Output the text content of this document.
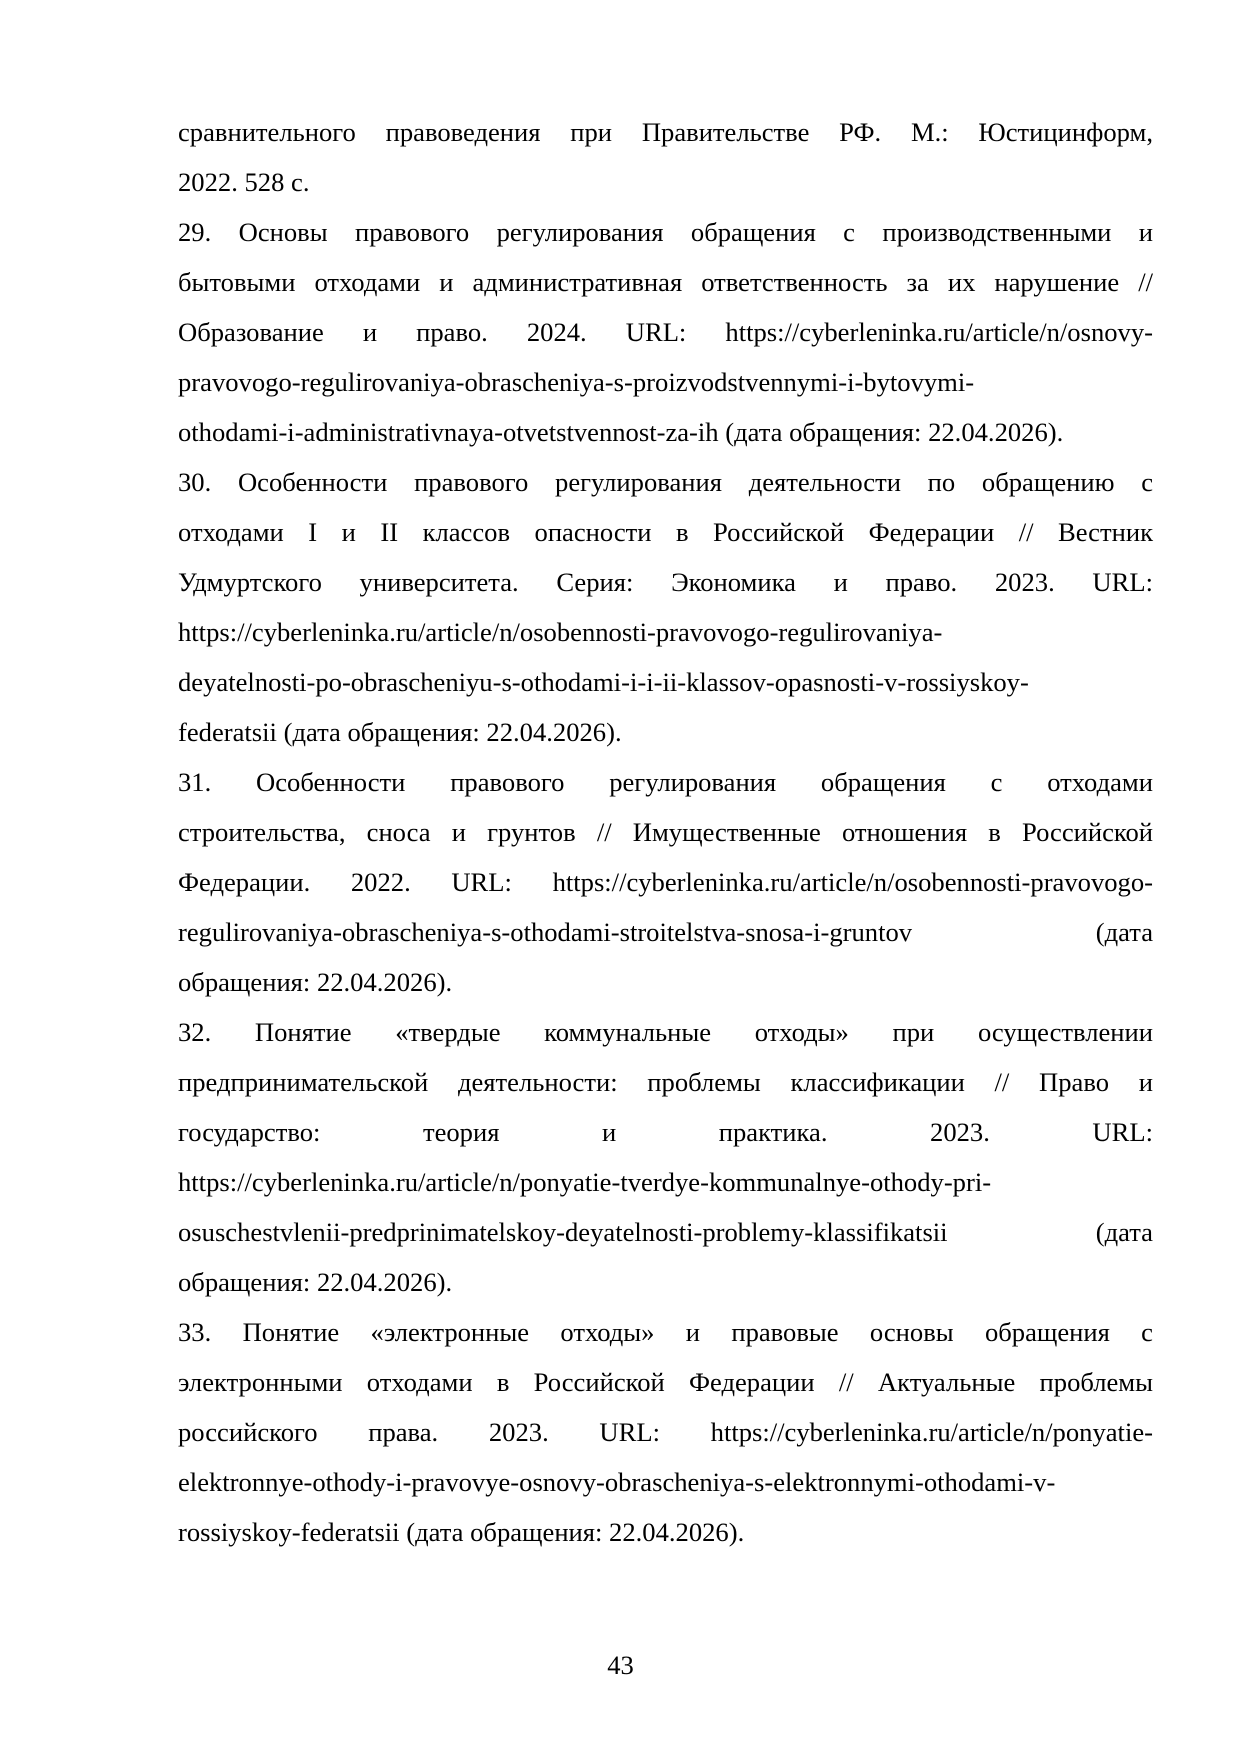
сравнительного правоведения при Правительстве РФ. М.: Юстицинформ,
2022. 528 с.
29. Основы правового регулирования обращения с производственными и
бытовыми отходами и административная ответственность за их нарушение //
Образование и право. 2024. URL: https://cyberleninka.ru/article/n/osnovy-
pravovogo-regulirovaniya-obrascheniya-s-proizvodstvennymi-i-bytovymi-
othodami-i-administrativnaya-otvetstvennost-za-ih (дата обращения: 22.04.2026).
30. Особенности правового регулирования деятельности по обращению с
отходами I и II классов опасности в Российской Федерации // Вестник
Удмуртского университета. Серия: Экономика и право. 2023. URL:
https://cyberleninka.ru/article/n/osobennosti-pravovogo-regulirovaniya-
deyatelnosti-po-obrascheniyu-s-othodami-i-i-ii-klassov-opasnosti-v-rossiyskoy-
federatsii (дата обращения: 22.04.2026).
31. Особенности правового регулирования обращения с отходами
строительства, сноса и грунтов // Имущественные отношения в Российской
Федерации. 2022. URL: https://cyberleninka.ru/article/n/osobennosti-pravovogo-
regulirovaniya-obrascheniya-s-othodami-stroitelstva-snosa-i-gruntov (дата
обращения: 22.04.2026).
32. Понятие «твердые коммунальные отходы» при осуществлении
предпринимательской деятельности: проблемы классификации // Право и
государство: теория и практика. 2023. URL:
https://cyberleninka.ru/article/n/ponyatie-tverdye-kommunalnye-othody-pri-
osuschestvlenii-predprinimatelskoy-deyatelnosti-problemy-klassifikatsii (дата
обращения: 22.04.2026).
33. Понятие «электронные отходы» и правовые основы обращения с
электронными отходами в Российской Федерации // Актуальные проблемы
российского права. 2023. URL: https://cyberleninka.ru/article/n/ponyatie-
elektronnye-othody-i-pravovye-osnovy-obrascheniya-s-elektronnymi-othodami-v-
rossiyskoy-federatsii (дата обращения: 22.04.2026).
43
